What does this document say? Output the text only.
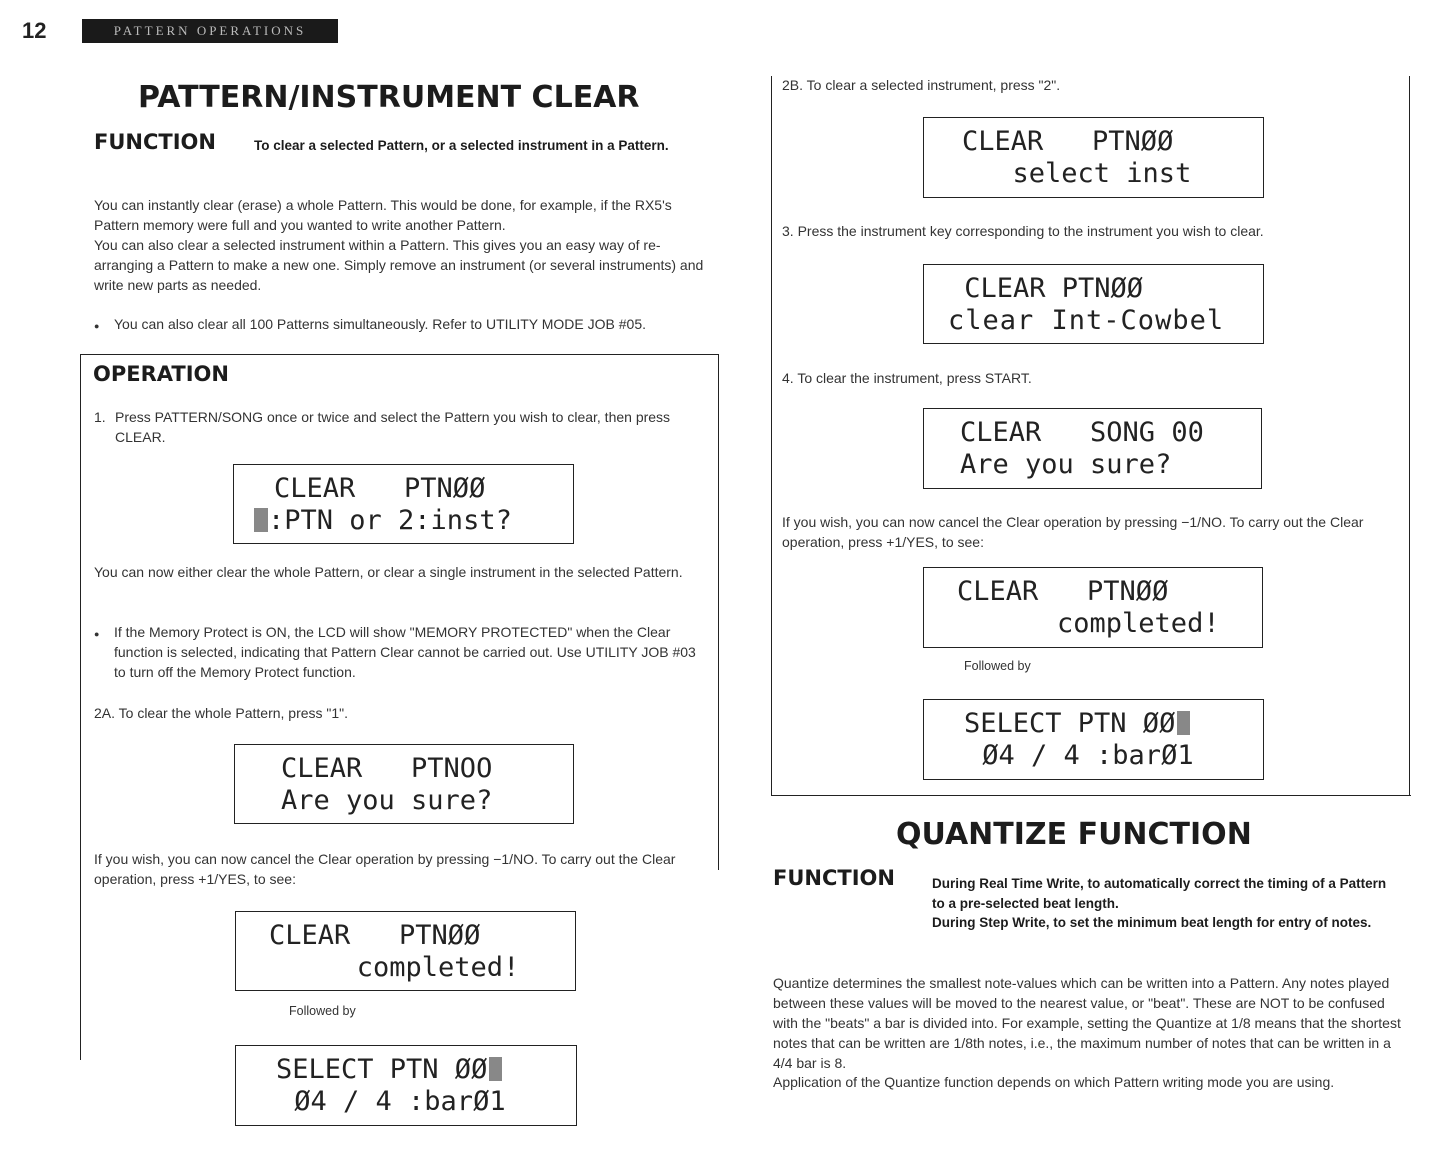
12	PATTERN OPERATIONS
PATTERN/INSTRUMENT CLEAR
FUNCTION	To clear a selected Pattern, or a selected instrument in a Pattern.
You can instantly clear (erase) a whole Pattern. This would be done, for example, if the RX5's Pattern memory were full and you wanted to write another Pattern.
You can also clear a selected instrument within a Pattern. This gives you an easy way of re-arranging a Pattern to make a new one. Simply remove an instrument (or several instruments) and write new parts as needed.
● You can also clear all 100 Patterns simultaneously. Refer to UTILITY MODE JOB #05.
OPERATION
1. Press PATTERN/SONG once or twice and select the Pattern you wish to clear, then press CLEAR.
CLEAR   PTNØØ
:PTN or 2:inst?
You can now either clear the whole Pattern, or clear a single instrument in the selected Pattern.
● If the Memory Protect is ON, the LCD will show "MEMORY PROTECTED" when the Clear function is selected, indicating that Pattern Clear cannot be carried out. Use UTILITY JOB #03 to turn off the Memory Protect function.
2A. To clear the whole Pattern, press "1".
CLEAR   PTNOO
Are you sure?
If you wish, you can now cancel the Clear operation by pressing −1/NO. To carry out the Clear operation, press +1/YES, to see:
CLEAR   PTNØØ
completed!
Followed by
SELECT PTN ØØ
Ø4 / 4 :barØ1
2B. To clear a selected instrument, press "2".
CLEAR   PTNØØ
select inst
3. Press the instrument key corresponding to the instrument you wish to clear.
CLEAR PTNØØ
clear Int-Cowbel
4. To clear the instrument, press START.
CLEAR   SONG 00
Are you sure?
If you wish, you can now cancel the Clear operation by pressing −1/NO. To carry out the Clear operation, press +1/YES, to see:
CLEAR   PTNØØ
completed!
Followed by
SELECT PTN ØØ
Ø4 / 4 :barØ1
QUANTIZE FUNCTION
FUNCTION	During Real Time Write, to automatically correct the timing of a Pattern to a pre-selected beat length.
During Step Write, to set the minimum beat length for entry of notes.
Quantize determines the smallest note-values which can be written into a Pattern. Any notes played between these values will be moved to the nearest value, or "beat". These are NOT to be confused with the "beats" a bar is divided into. For example, setting the Quantize at 1/8 means that the shortest notes that can be written are 1/8th notes, i.e., the maximum number of notes that can be written in a 4/4 bar is 8.
Application of the Quantize function depends on which Pattern writing mode you are using.
